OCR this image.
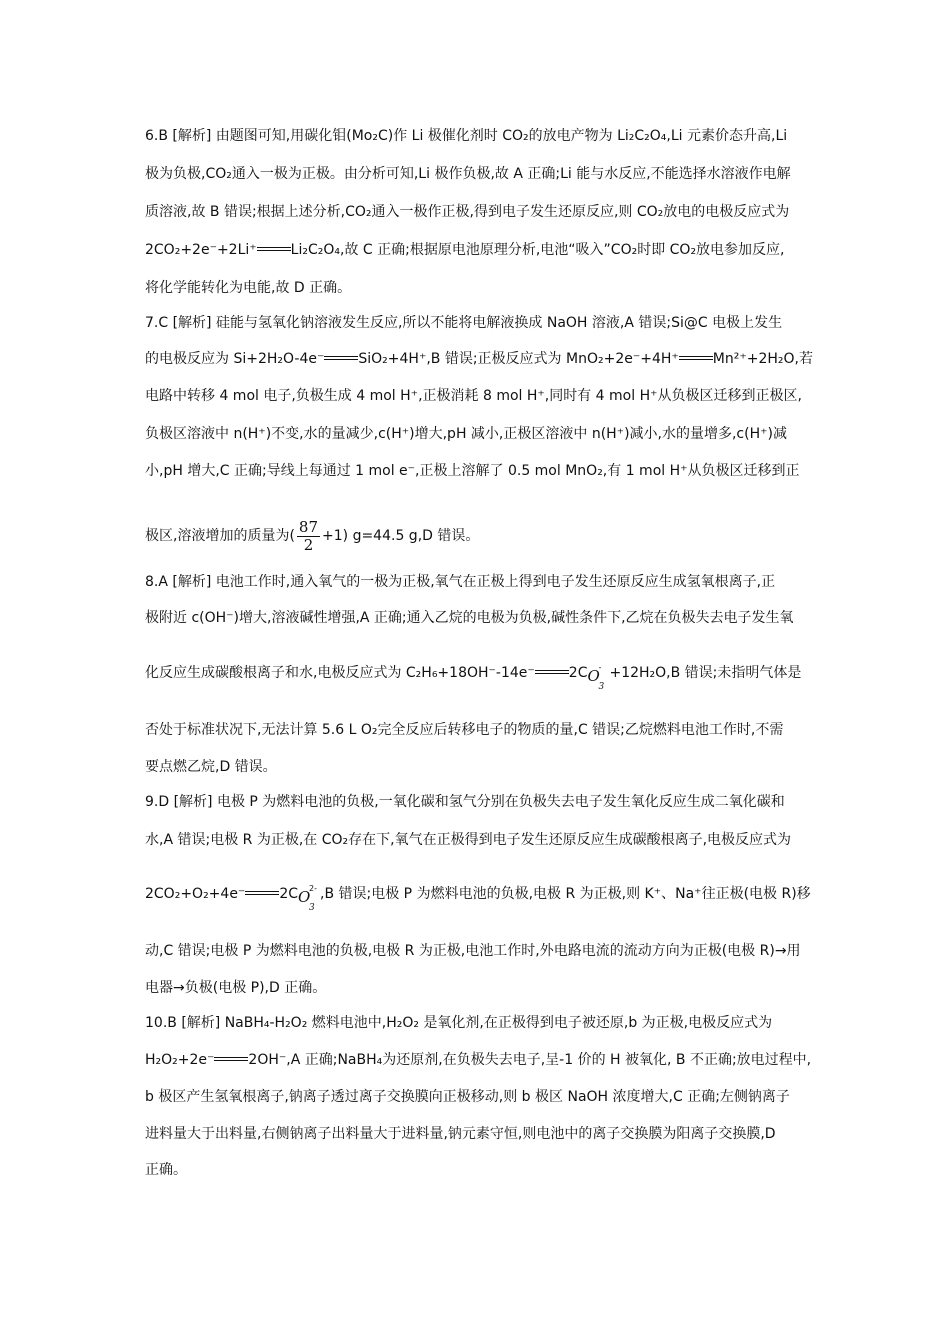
6.B [解析] 由题图可知,用碳化钼(Mo₂C)作 Li 极催化剂时 CO₂的放电产物为 Li₂C₂O₄,Li 元素价态升高,Li
极为负极,CO₂通入一极为正极。由分析可知,Li 极作负极,故 A 正确;Li 能与水反应,不能选择水溶液作电解
质溶液,故 B 错误;根据上述分析,CO₂通入一极作正极,得到电子发生还原反应,则 CO₂放电的电极反应式为
2CO₂+2e⁻+2Li⁺ Li₂C₂O₄,故 C 正确;根据原电池原理分析,电池“吸入”CO₂时即 CO₂放电参加反应,
将化学能转化为电能,故 D 正确。
7.C [解析] 硅能与氢氧化钠溶液发生反应,所以不能将电解液换成 NaOH 溶液,A 错误;Si@C 电极上发生
的电极反应为 Si+2H₂O-4e⁻ SiO₂+4H⁺,B 错误;正极反应式为 MnO₂+2e⁻+4H⁺ Mn²⁺+2H₂O,若
电路中转移 4 mol 电子,负极生成 4 mol H⁺,正极消耗 8 mol H⁺,同时有 4 mol H⁺从负极区迁移到正极区,
负极区溶液中 n(H⁺)不变,水的量减少,c(H⁺)增大,pH 减小,正极区溶液中 n(H⁺)减小,水的量增多,c(H⁺)减
小,pH 增大,C 正确;导线上每通过 1 mol e⁻,正极上溶解了 0.5 mol MnO₂,有 1 mol H⁺从负极区迁移到正
极区,溶液增加的质量为( $\frac{87}{2} +1$) g=44.5 g,D 错误。
8.A [解析] 电池工作时,通入氧气的一极为正极,氧气在正极上得到电子发生还原反应生成氢氧根离子,正
极附近 c(OH⁻)增大,溶液碱性增强,A 正确;通入乙烷的电极为负极,碱性条件下,乙烷在负极失去电子发生氧
化反应生成碳酸根离子和水,电极反应式为 C₂H₆+18OH⁻-14e⁻ 2C O
-
3
+12H₂O,B 错误;未指明气体是
否处于标准状况下,无法计算 5.6 L O₂完全反应后转移电子的物质的量,C 错误;乙烷燃料电池工作时,不需
要点燃乙烷,D 错误。
9.D [解析] 电极 P 为燃料电池的负极,一氧化碳和氢气分别在负极失去电子发生氧化反应生成二氧化碳和
水,A 错误;电极 R 为正极,在 CO₂存在下,氧气在正极得到电子发生还原反应生成碳酸根离子,电极反应式为
2CO₂+O₂+4e⁻ 2C O
2-
3
,B 错误;电极 P 为燃料电池的负极,电极 R 为正极,则 K⁺、Na⁺往正极(电极 R)移
动,C 错误;电极 P 为燃料电池的负极,电极 R 为正极,电池工作时,外电路电流的流动方向为正极(电极 R)→用
电器→负极(电极 P),D 正确。
10.B [解析] NaBH₄-H₂O₂ 燃料电池中,H₂O₂ 是氧化剂,在正极得到电子被还原,b 为正极,电极反应式为
H₂O₂+2e⁻ 2OH⁻,A 正确;NaBH₄为还原剂,在负极失去电子,呈-1 价的 H 被氧化, B 不正确;放电过程中,
b 极区产生氢氧根离子,钠离子透过离子交换膜向正极移动,则 b 极区 NaOH 浓度增大,C 正确;左侧钠离子
进料量大于出料量,右侧钠离子出料量大于进料量,钠元素守恒,则电池中的离子交换膜为阳离子交换膜,D
正确。
